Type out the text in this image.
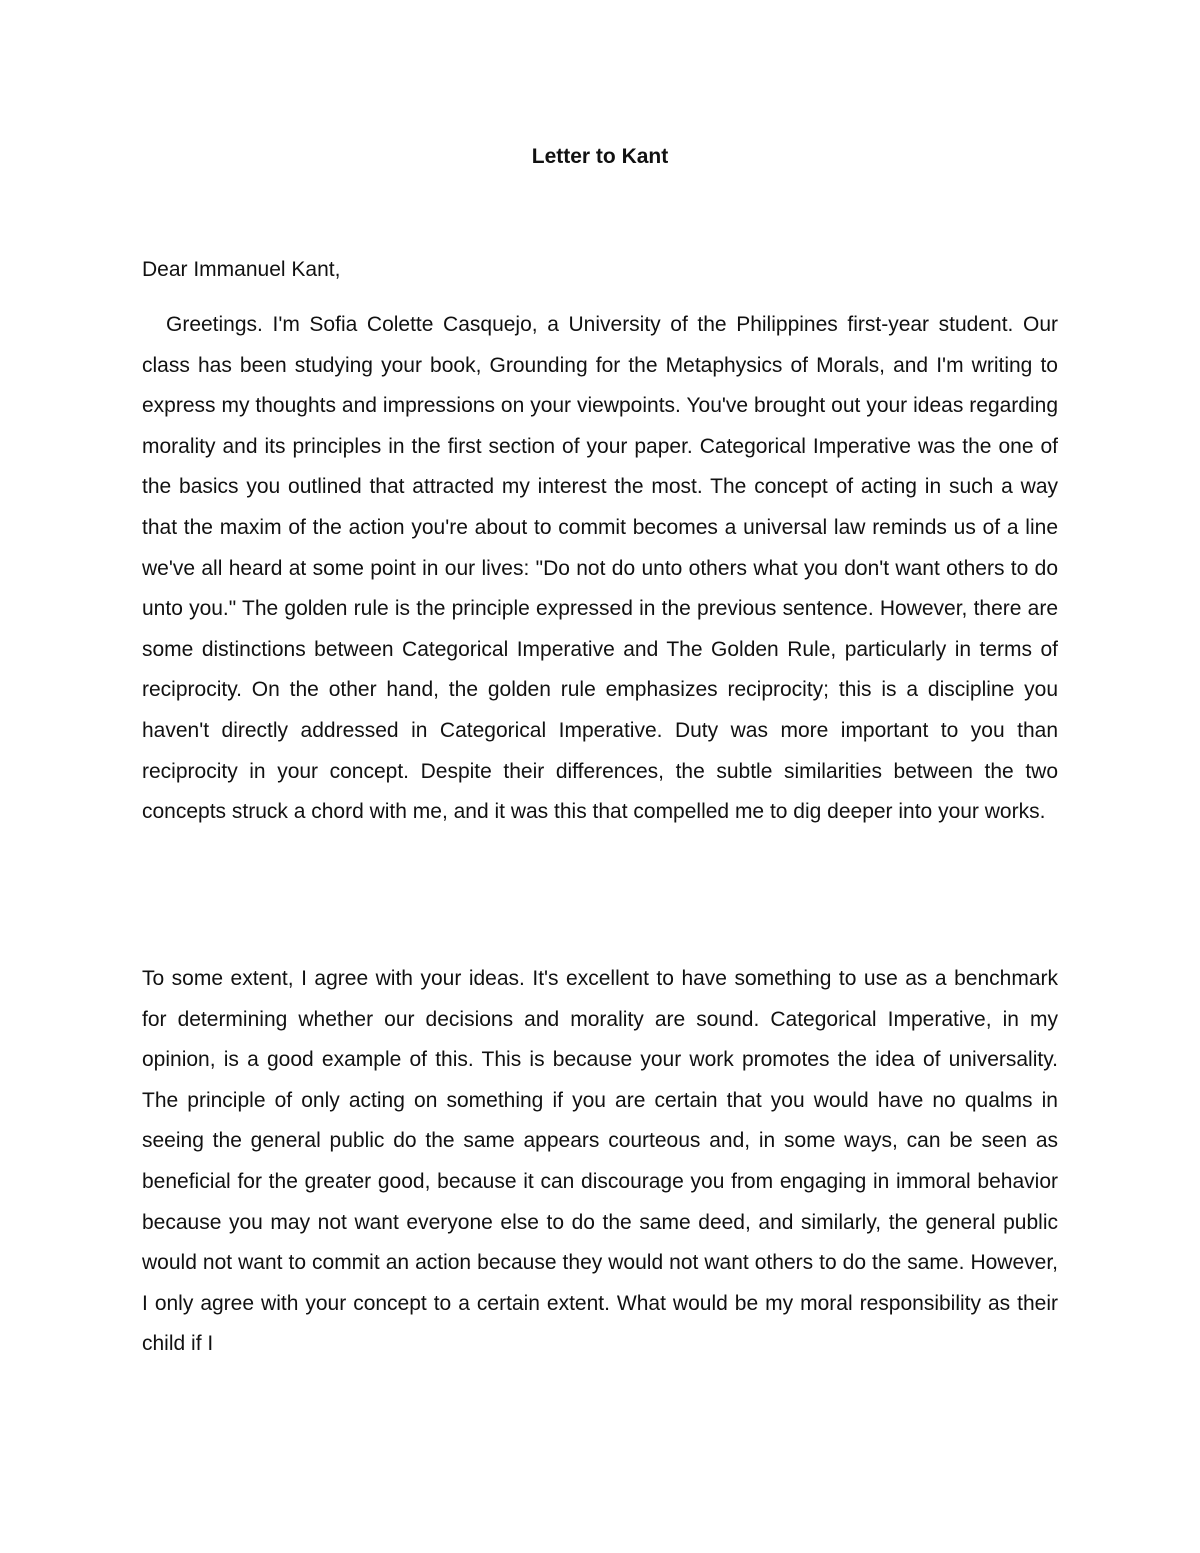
Letter to Kant
Dear Immanuel Kant,

Greetings. I'm Sofia Colette Casquejo, a University of the Philippines first-year student. Our class has been studying your book, Grounding for the Metaphysics of Morals, and I'm writing to express my thoughts and impressions on your viewpoints. You've brought out your ideas regarding morality and its principles in the first section of your paper. Categorical Imperative was the one of the basics you outlined that attracted my interest the most. The concept of acting in such a way that the maxim of the action you're about to commit becomes a universal law reminds us of a line we've all heard at some point in our lives: "Do not do unto others what you don't want others to do unto you." The golden rule is the principle expressed in the previous sentence. However, there are some distinctions between Categorical Imperative and The Golden Rule, particularly in terms of reciprocity. On the other hand, the golden rule emphasizes reciprocity; this is a discipline you haven't directly addressed in Categorical Imperative. Duty was more important to you than reciprocity in your concept. Despite their differences, the subtle similarities between the two concepts struck a chord with me, and it was this that compelled me to dig deeper into your works.

To some extent, I agree with your ideas. It's excellent to have something to use as a benchmark for determining whether our decisions and morality are sound. Categorical Imperative, in my opinion, is a good example of this. This is because your work promotes the idea of universality. The principle of only acting on something if you are certain that you would have no qualms in seeing the general public do the same appears courteous and, in some ways, can be seen as beneficial for the greater good, because it can discourage you from engaging in immoral behavior because you may not want everyone else to do the same deed, and similarly, the general public would not want to commit an action because they would not want others to do the same. However, I only agree with your concept to a certain extent. What would be my moral responsibility as their child if I
